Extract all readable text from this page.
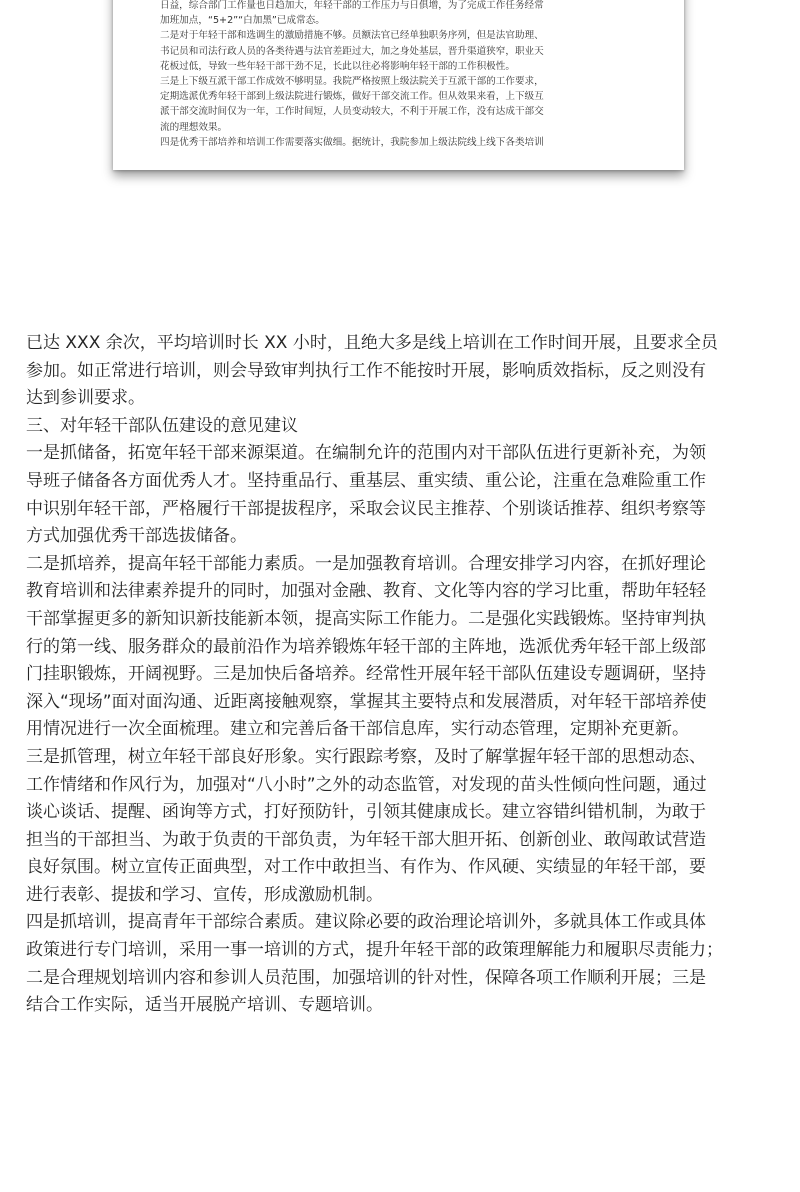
日益，综合部门工作量也日趋加大，年轻干部的工作压力与日俱增，为了完成工作任务经常
加班加点，“5+2”“白加黑”已成常态。
二是对于年轻干部和选调生的激励措施不够。员额法官已经单独职务序列，但是法官助理、
书记员和司法行政人员的各类待遇与法官差距过大，加之身处基层，晋升渠道狭窄，职业天
花板过低，导致一些年轻干部干劲不足，长此以往必将影响年轻干部的工作积极性。
三是上下级互派干部工作成效不够明显。我院严格按照上级法院关于互派干部的工作要求，
定期选派优秀年轻干部到上级法院进行锻炼，做好干部交流工作。但从效果来看，上下级互
派干部交流时间仅为一年，工作时间短，人员变动较大，不利于开展工作，没有达成干部交
流的理想效果。
四是优秀干部培养和培训工作需要落实做细。据统计，我院参加上级法院线上线下各类培训
已达 XXX 余次，平均培训时长 XX 小时，且绝大多是线上培训在工作时间开展，且要求全员
参加。如正常进行培训，则会导致审判执行工作不能按时开展，影响质效指标，反之则没有
达到参训要求。
三、对年轻干部队伍建设的意见建议
一是抓储备，拓宽年轻干部来源渠道。在编制允许的范围内对干部队伍进行更新补充，为领
导班子储备各方面优秀人才。坚持重品行、重基层、重实绩、重公论，注重在急难险重工作
中识别年轻干部，严格履行干部提拔程序，采取会议民主推荐、个别谈话推荐、组织考察等
方式加强优秀干部选拔储备。
二是抓培养，提高年轻干部能力素质。一是加强教育培训。合理安排学习内容，在抓好理论
教育培训和法律素养提升的同时，加强对金融、教育、文化等内容的学习比重，帮助年轻轻
干部掌握更多的新知识新技能新本领，提高实际工作能力。二是强化实践锻炼。坚持审判执
行的第一线、服务群众的最前沿作为培养锻炼年轻干部的主阵地，选派优秀年轻干部上级部
门挂职锻炼，开阔视野。三是加快后备培养。经常性开展年轻干部队伍建设专题调研，坚持
深入“现场”面对面沟通、近距离接触观察，掌握其主要特点和发展潜质，对年轻干部培养使
用情况进行一次全面梳理。建立和完善后备干部信息库，实行动态管理，定期补充更新。
三是抓管理，树立年轻干部良好形象。实行跟踪考察，及时了解掌握年轻干部的思想动态、
工作情绪和作风行为，加强对“八小时”之外的动态监管，对发现的苗头性倾向性问题，通过
谈心谈话、提醒、函询等方式，打好预防针，引领其健康成长。建立容错纠错机制，为敢于
担当的干部担当、为敢于负责的干部负责，为年轻干部大胆开拓、创新创业、敢闯敢试营造
良好氛围。树立宣传正面典型，对工作中敢担当、有作为、作风硬、实绩显的年轻干部，要
进行表彰、提拔和学习、宣传，形成激励机制。
四是抓培训，提高青年干部综合素质。建议除必要的政治理论培训外，多就具体工作或具体
政策进行专门培训，采用一事一培训的方式，提升年轻干部的政策理解能力和履职尽责能力；
二是合理规划培训内容和参训人员范围，加强培训的针对性，保障各项工作顺利开展；三是
结合工作实际，适当开展脱产培训、专题培训。
